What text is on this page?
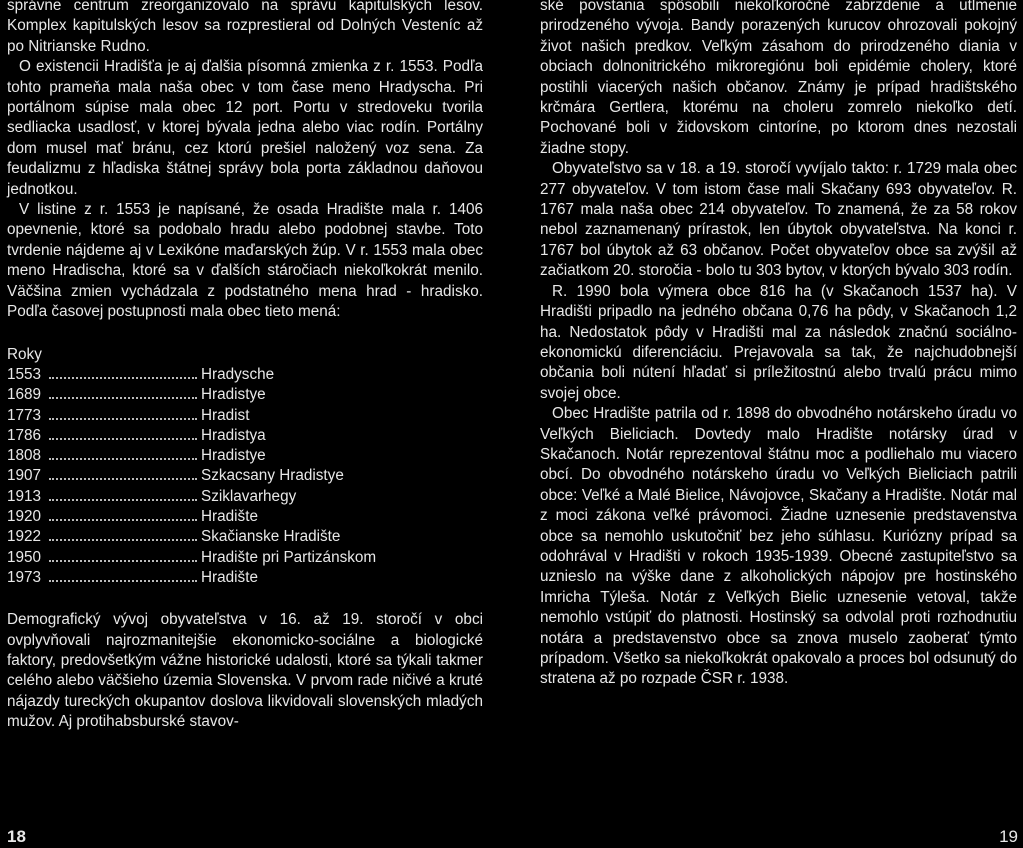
správne centrum zreorganizovalo na správu kapitulských lesov. Komplex kapitulských lesov sa rozprestieral od Dolných Vesteníc až po Nitrianske Rudno.

O existencii Hradišťa je aj ďalšia písomná zmienka z r. 1553. Podľa tohto prameňa mala naša obec v tom čase meno Hradyscha. Pri portálnom súpise mala obec 12 port. Portu v stredoveku tvorila sedliacka usadlosť, v ktorej bývala jedna alebo viac rodín. Portálny dom musel mať bránu, cez ktorú prešiel naložený voz sena. Za feudalizmu z hľadiska štátnej správy bola porta základnou daňovou jednotkou.

V listine z r. 1553 je napísané, že osada Hradište mala r. 1406 opevnenie, ktoré sa podobalo hradu alebo podobnej stavbe. Toto tvrdenie nájdeme aj v Lexikóne maďarských žúp. V r. 1553 mala obec meno Hradischa, ktoré sa v ďalších stáročiach niekoľkokrát menilo. Väčšina zmien vychádzala z podstatného mena hrad - hradisko. Podľa časovej postupnosti mala obec tieto mená:

Roky

1553	Hradysche
1689	Hradistye
1773	Hradist
1786	Hradistya
1808	Hradistye
1907	Szkacsany Hradistye
1913	Sziklavarhegy
1920	Hradište
1922	Skačianske Hradište
1950	Hradište pri Partizánskom
1973	Hradište

Demografický vývoj obyvateľstva v 16. až 19. storočí v obci ovplyvňovali najrozmanitejšie ekonomicko-sociálne a biologické faktory, predovšetkým vážne historické udalosti, ktoré sa týkali takmer celého alebo väčšieho územia Slovenska. V prvom rade ničivé a kruté nájazdy tureckých okupantov doslova likvidovali slovenských mladých mužov. Aj protihabsburské stavov-

ské povstania spôsobili niekoľkoročné zabrzdenie a utlmenie prirodzeného vývoja. Bandy porazených kurucov ohrozovali pokojný život našich predkov. Veľkým zásahom do prirodzeného diania v obciach dolnonitrického mikroregiónu boli epidémie cholery, ktoré postihli viacerých našich občanov. Známy je prípad hradištského krčmára Gertlera, ktorému na choleru zomrelo niekoľko detí. Pochované boli v židovskom cintoríne, po ktorom dnes nezostali žiadne stopy.

Obyvateľstvo sa v 18. a 19. storočí vyvíjalo takto: r. 1729 mala obec 277 obyvateľov. V tom istom čase mali Skačany 693 obyvateľov. R. 1767 mala naša obec 214 obyvateľov. To znamená, že za 58 rokov nebol zaznamenaný prírastok, len úbytok obyvateľstva. Na konci r. 1767 bol úbytok až 63 občanov. Počet obyvateľov obce sa zvýšil až začiatkom 20. storočia - bolo tu 303 bytov, v ktorých bývalo 303 rodín.

R. 1990 bola výmera obce 816 ha (v Skačanoch 1537 ha). V Hradišti pripadlo na jedného občana 0,76 ha pôdy, v Skačanoch 1,2 ha. Nedostatok pôdy v Hradišti mal za následok značnú sociálno-ekonomickú diferenciáciu. Prejavovala sa tak, že najchudobnejší občania boli nútení hľadať si príležitostnú alebo trvalú prácu mimo svojej obce.

Obec Hradište patrila od r. 1898 do obvodného notárskeho úradu vo Veľkých Bieliciach. Dovtedy malo Hradište notársky úrad v Skačanoch. Notár reprezentoval štátnu moc a podliehalo mu viacero obcí. Do obvodného notárskeho úradu vo Veľkých Bieliciach patrili obce: Veľké a Malé Bielice, Návojovce, Skačany a Hradište. Notár mal z moci zákona veľké právomoci. Žiadne uznesenie predstavenstva obce sa nemohlo uskutočniť bez jeho súhlasu. Kuriózny prípad sa odohrával v Hradišti v rokoch 1935-1939. Obecné zastupiteľstvo sa uznieslo na výške dane z alkoholických nápojov pre hostinského Imricha Týleša. Notár z Veľkých Bielic uznesenie vetoval, takže nemohlo vstúpiť do platnosti. Hostinský sa odvolal proti rozhodnutiu notára a predstavenstvo obce sa znova muselo zaoberať týmto prípadom. Všetko sa niekoľkokrát opakovalo a proces bol odsunutý do stratena až po rozpade ČSR r. 1938.

18	19
